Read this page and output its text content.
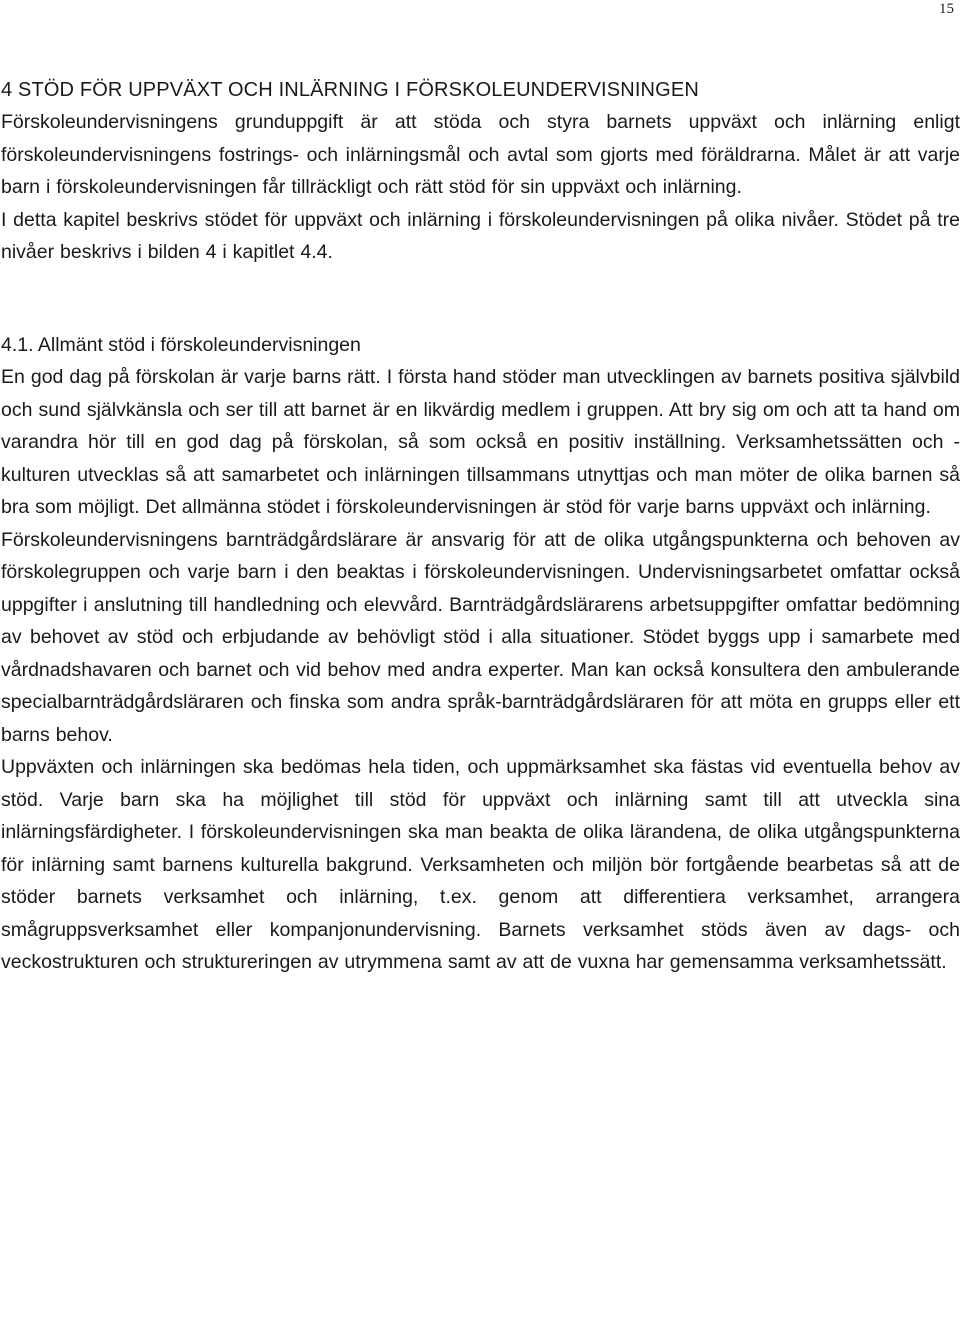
15
4 STÖD FÖR UPPVÄXT OCH INLÄRNING I FÖRSKOLEUNDERVISNINGEN

Förskoleundervisningens grunduppgift är att stöda och styra barnets uppväxt och inlärning enligt förskoleundervisningens fostrings- och inlärningsmål och avtal som gjorts med föräldrarna. Målet är att varje barn i förskoleundervisningen får tillräckligt och rätt stöd för sin uppväxt och inlärning.

I detta kapitel beskrivs stödet för uppväxt och inlärning i förskoleundervisningen på olika nivåer. Stödet på tre nivåer beskrivs i bilden 4 i kapitlet 4.4.

4.1. Allmänt stöd i förskoleundervisningen

En god dag på förskolan är varje barns rätt. I första hand stöder man utvecklingen av barnets positiva självbild och sund självkänsla och ser till att barnet är en likvärdig medlem i gruppen. Att bry sig om och att ta hand om varandra hör till en god dag på förskolan, så som också en positiv inställning. Verksamhetssätten och -kulturen utvecklas så att samarbetet och inlärningen tillsammans utnyttjas och man möter de olika barnen så bra som möjligt. Det allmänna stödet i förskoleundervisningen är stöd för varje barns uppväxt och inlärning.

Förskoleundervisningens barnträdgårdslärare är ansvarig för att de olika utgångspunkterna och behoven av förskolegruppen och varje barn i den beaktas i förskoleundervisningen. Undervisningsarbetet omfattar också uppgifter i anslutning till handledning och elevvård. Barnträdgårdslärarens arbetsuppgifter omfattar bedömning av behovet av stöd och erbjudande av behövligt stöd i alla situationer. Stödet byggs upp i samarbete med vårdnadshavaren och barnet och vid behov med andra experter. Man kan också konsultera den ambulerande specialbarnträdgårdsläraren och finska som andra språk-barnträdgårdsläraren för att möta en grupps eller ett barns behov.

Uppväxten och inlärningen ska bedömas hela tiden, och uppmärksamhet ska fästas vid eventuella behov av stöd. Varje barn ska ha möjlighet till stöd för uppväxt och inlärning samt till att utveckla sina inlärningsfärdigheter. I förskoleundervisningen ska man beakta de olika lärandena, de olika utgångspunkterna för inlärning samt barnens kulturella bakgrund. Verksamheten och miljön bör fortgående bearbetas så att de stöder barnets verksamhet och inlärning, t.ex. genom att differentiera verksamhet, arrangera smågruppsverksamhet eller kompanjonundervisning. Barnets verksamhet stöds även av dags- och veckostrukturen och struktureringen av utrymmena samt av att de vuxna har gemensamma verksamhetssätt.
